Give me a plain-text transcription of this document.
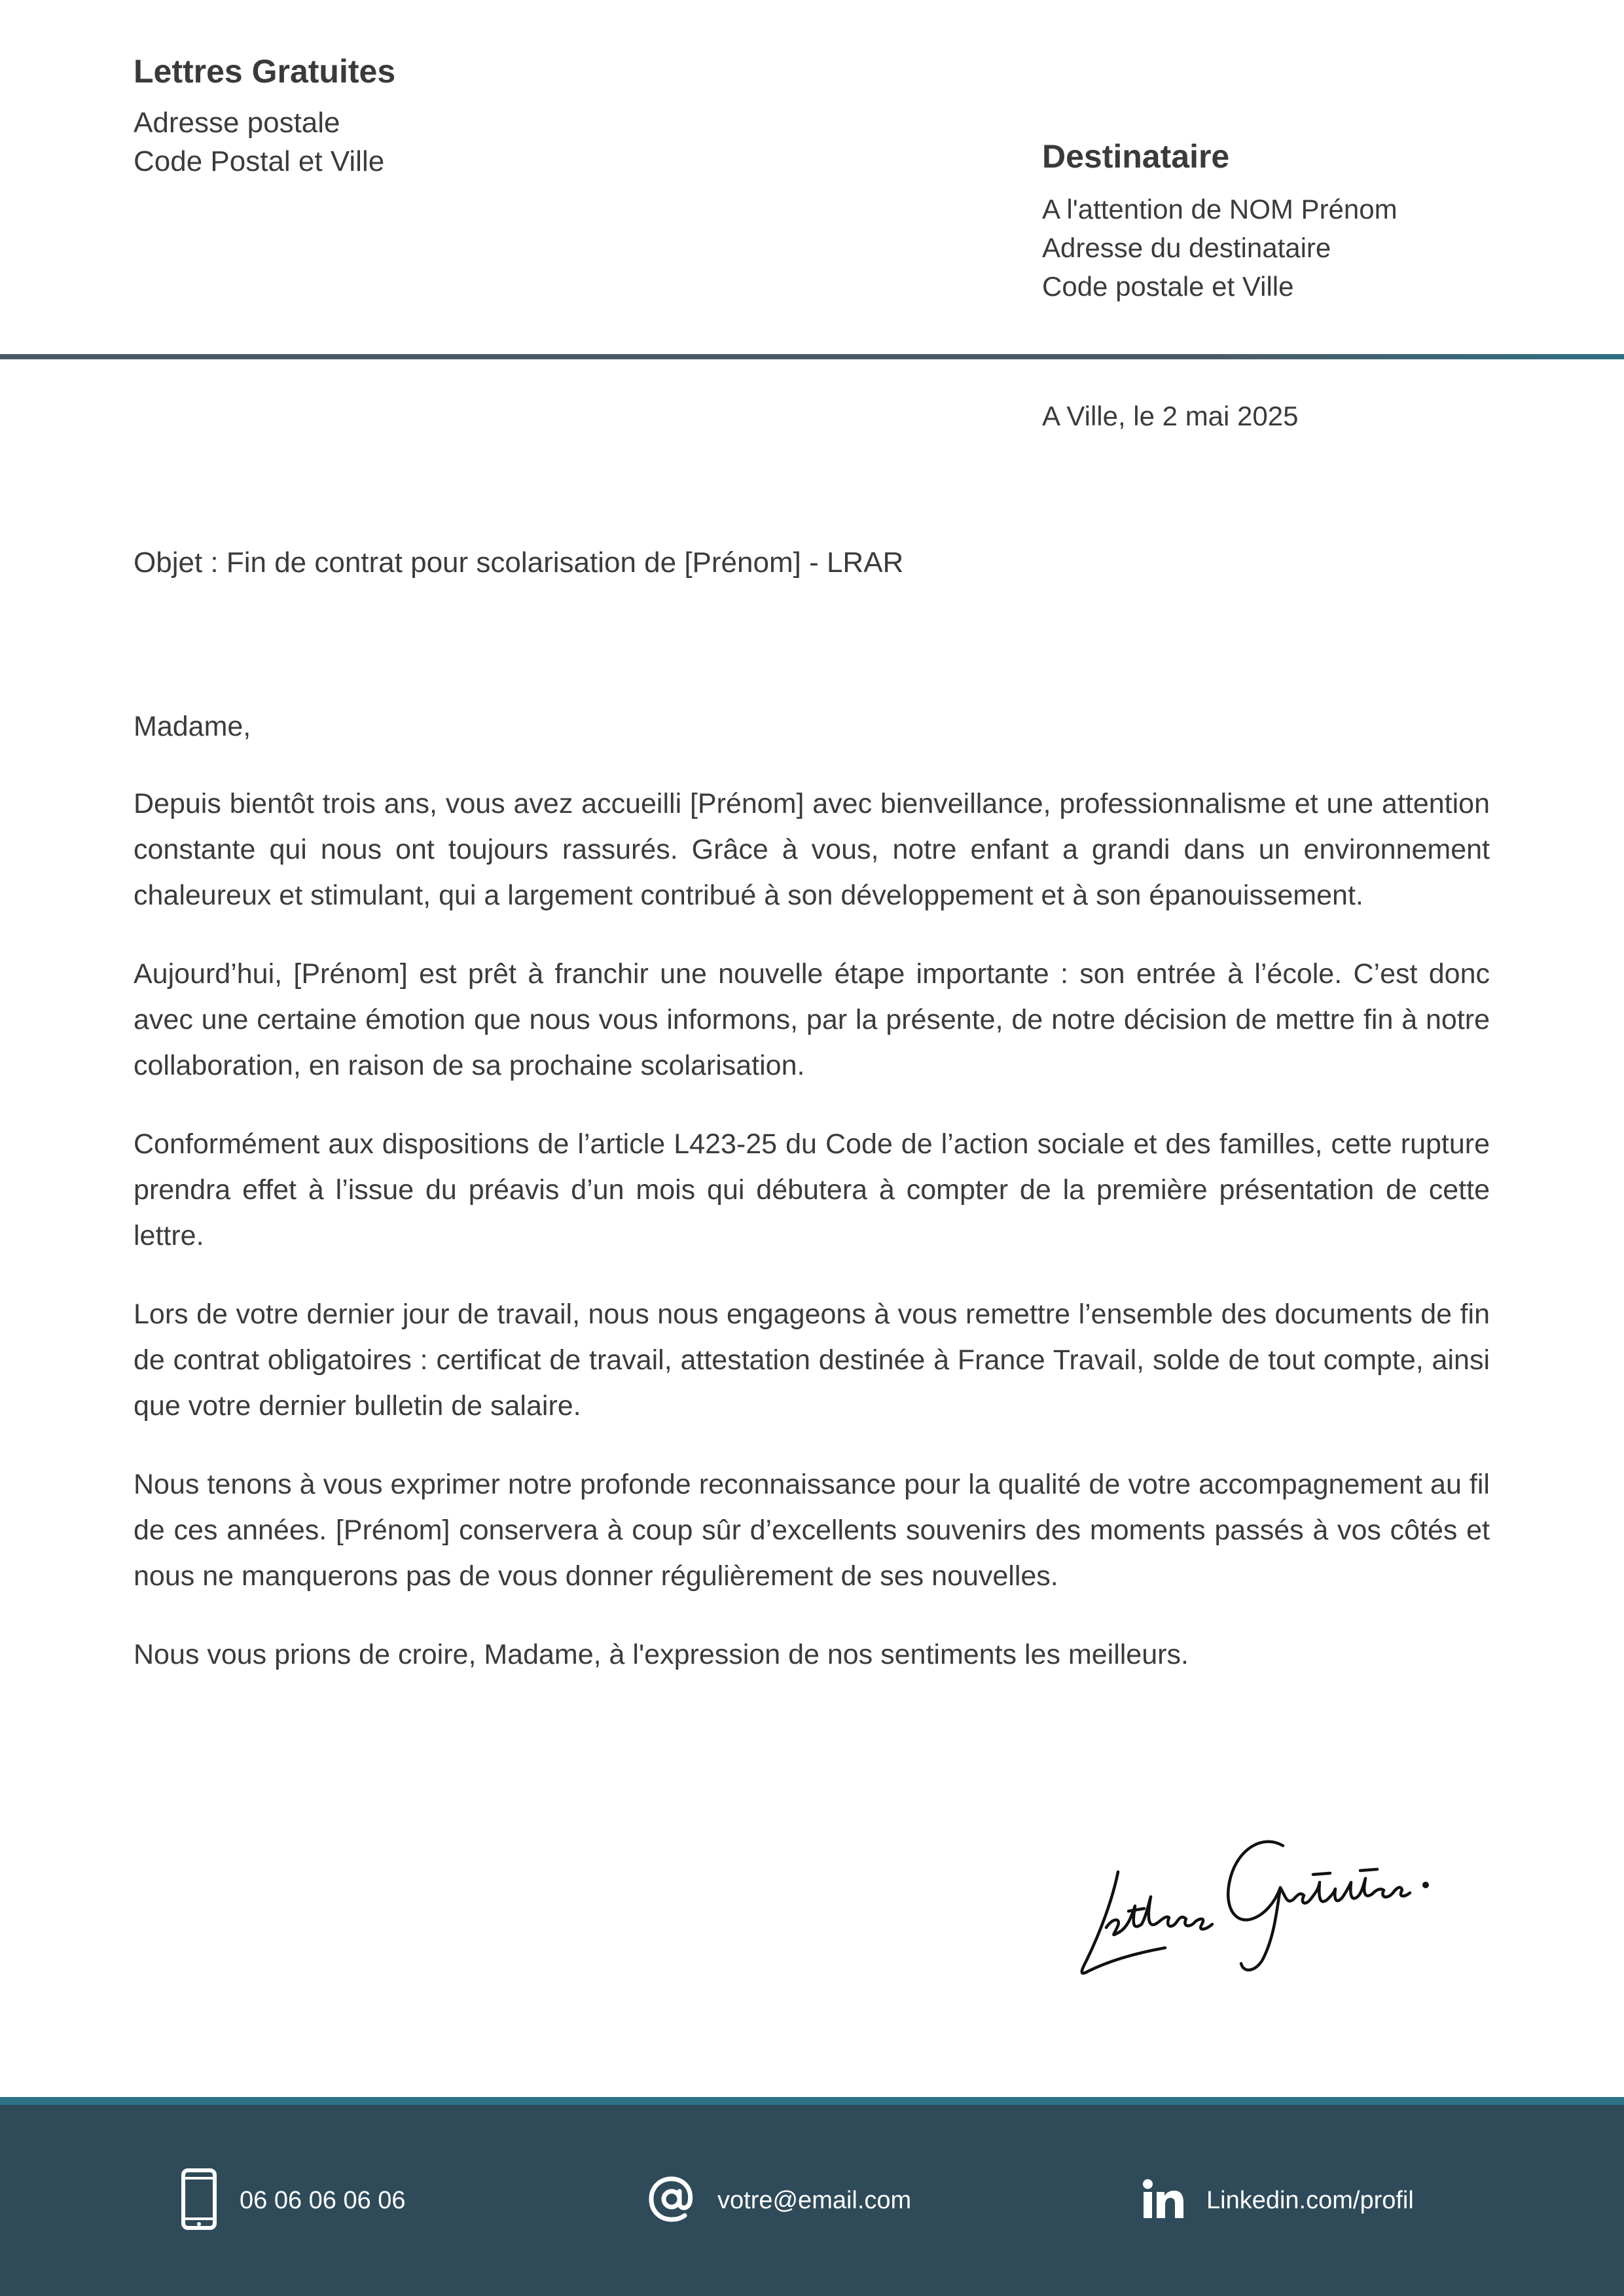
Lettres Gratuites
Adresse postale
Code Postal et Ville	Destinataire
A l'attention de NOM Prénom
Adresse du destinataire
Code postale et Ville
A Ville, le 2 mai 2025
Objet : Fin de contrat pour scolarisation de [Prénom] - LRAR

Madame,

Depuis bientôt trois ans, vous avez accueilli [Prénom] avec bienveillance, professionnalisme et une attention constante qui nous ont toujours rassurés. Grâce à vous, notre enfant a grandi dans un environnement chaleureux et stimulant, qui a largement contribué à son développement et à son épanouissement.

Aujourd’hui, [Prénom] est prêt à franchir une nouvelle étape importante : son entrée à l’école. C’est donc avec une certaine émotion que nous vous informons, par la présente, de notre décision de mettre fin à notre collaboration, en raison de sa prochaine scolarisation.

Conformément aux dispositions de l’article L423-25 du Code de l’action sociale et des familles, cette rupture prendra effet à l’issue du préavis d’un mois qui débutera à compter de la première présentation de cette lettre.

Lors de votre dernier jour de travail, nous nous engageons à vous remettre l’ensemble des documents de fin de contrat obligatoires : certificat de travail, attestation destinée à France Travail, solde de tout compte, ainsi que votre dernier bulletin de salaire.

Nous tenons à vous exprimer notre profonde reconnaissance pour la qualité de votre accompagnement au fil de ces années. [Prénom] conservera à coup sûr d’excellents souvenirs des moments passés à vos côtés et nous ne manquerons pas de vous donner régulièrement de ses nouvelles.

Nous vous prions de croire, Madame, à l'expression de nos sentiments les meilleurs.

06 06 06 06 06	votre@email.com	Linkedin.com/profil
